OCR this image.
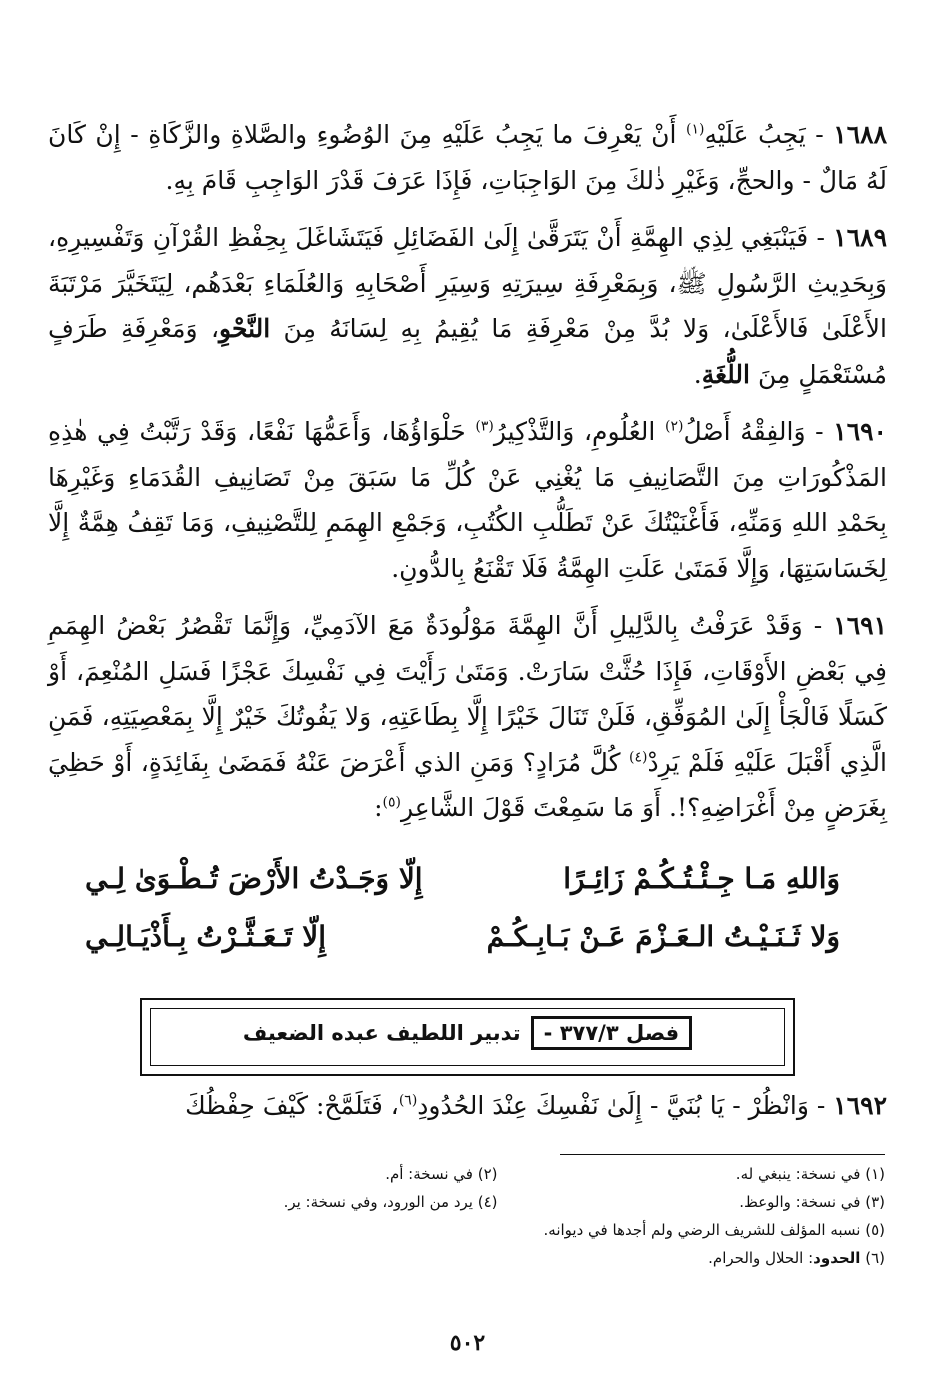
١٦٨٨ - يَجِبُ عَلَيْهِ$^{(١)}$ أَنْ يَعْرِفَ ما يَجِبُ عَلَيْهِ مِنَ الوُضُوءِ والصَّلاةِ والزَّكَاةِ - إِنْ كَانَ لَهُ مَالٌ - والحجِّ، وَغَيْرِ ذٰلكَ مِنَ الوَاجِبَاتِ، فَإِذَا عَرَفَ قَدْرَ الوَاجِبِ قَامَ بِهِ.

١٦٨٩ - فَيَنْبَغِي لِذِي الهِمَّةِ أَنْ يَتَرَقَّىٰ إِلَىٰ الفَضَائِلِ فَيَتَشَاغَلَ بِحِفْظِ القُرْآنِ وَتَفْسِيرِهِ، وَبِحَدِيثِ الرَّسُولِ ﷺ، وَبِمَعْرِفَةِ سِيرَتِهِ وَسِيَرِ أَصْحَابِهِ وَالعُلَمَاءِ بَعْدَهُم، لِيَتَخَيَّرَ مَرْتَبَةَ الأَعْلَىٰ فَالأَعْلَىٰ، وَلا بُدَّ مِنْ مَعْرِفَةِ مَا يُقِيمُ بِهِ لِسَانَهُ مِنَ النَّحْوِ، وَمَعْرِفَةِ طَرَفٍ مُسْتَعْمَلٍ مِنَ اللُّغَةِ.

١٦٩٠ - وَالفِقْهُ أَصْلُ$^{(٢)}$ العُلُومِ، وَالتَّذْكِيرُ$^{(٣)}$ حَلْوَاؤُهَا، وَأَعَمُّهَا نَفْعًا، وَقَدْ رَتَّبْتُ فِي هٰذِهِ المَذْكُورَاتِ مِنَ التَّصَانِيفِ مَا يُغْنِي عَنْ كُلِّ مَا سَبَقَ مِنْ تَصَانِيفِ القُدَمَاءِ وَغَيْرِهَا بِحَمْدِ اللهِ وَمَنِّهِ، فَأَغْنَيْتُكَ عَنْ تَطَلُّبِ الكُتُبِ، وَجَمْعِ الهِمَمِ لِلتَّصْنِيفِ، وَمَا تَقِفُ هِمَّةٌ إِلَّا لِخَسَاسَتِهَا، وَإِلَّا فَمَتَىٰ عَلَتِ الهِمَّةُ فَلَا تَقْنَعُ بِالدُّونِ.

١٦٩١ - وَقَدْ عَرَفْتُ بِالدَّلِيلِ أَنَّ الهِمَّةَ مَوْلُودَةٌ مَعَ الآدَمِيِّ، وَإِنَّمَا تَقْصُرُ بَعْضُ الهِمَمِ فِي بَعْضِ الأَوْقَاتِ، فَإِذَا حُثَّتْ سَارَتْ. وَمَتَىٰ رَأَيْتَ فِي نَفْسِكَ عَجْزًا فَسَلِ المُنْعِمَ، أَوْ كَسَلًا فَالْجَأْ إِلَىٰ المُوَفِّقِ، فَلَنْ تَنَالَ خَيْرًا إِلَّا بِطَاعَتِهِ، وَلا يَفُوتُكَ خَيْرٌ إِلَّا بِمَعْصِيَتِهِ، فَمَنِ الَّذِي أَقْبَلَ عَلَيْهِ فَلَمْ يَرِدْ$^{(٤)}$ كُلَّ مُرَادٍ؟ وَمَنِ الذي أَعْرَضَ عَنْهُ فَمَضَىٰ بِفَائِدَةٍ، أَوْ حَظِيَ بِغَرَضٍ مِنْ أَغْرَاضِهِ؟!. أَوَ مَا سَمِعْتَ قَوْلَ الشَّاعِرِ$^{(٥)}$:

وَاللهِ مَـا جِـئْـتُـكُـمْ زَائِـرًا
إِلّا وَجَـدْتُ الأَرْضَ تُـطْـوَىٰ لِـي
وَلا ثَـنَـيْـتُ الـعَـزْمَ عَـنْ بَـابِـكُـمْ
إِلّا تَـعَـثَّـرْتُ بِـأَذْيَـالِـي
فصل ٣٧٧/٣ -
تدبير اللطيف عبده الضعيف
١٦٩٢ - وَانْظُرْ - يَا بُنَيَّ - إِلَىٰ نَفْسِكَ عِنْدَ الحُدُودِ$^{(٦)}$، فَتَلَمَّحْ: كَيْفَ حِفْظُكَ
(١) في نسخة: ينبغي له.
(٢) في نسخة: أم.
(٣) في نسخة: والوعظ.
(٤) يرد من الورود، وفي نسخة: ير.
(٥) نسبه المؤلف للشريف الرضي ولم أجدها في ديوانه.
(٦) الحدود: الحلال والحرام.
٥٠٢
